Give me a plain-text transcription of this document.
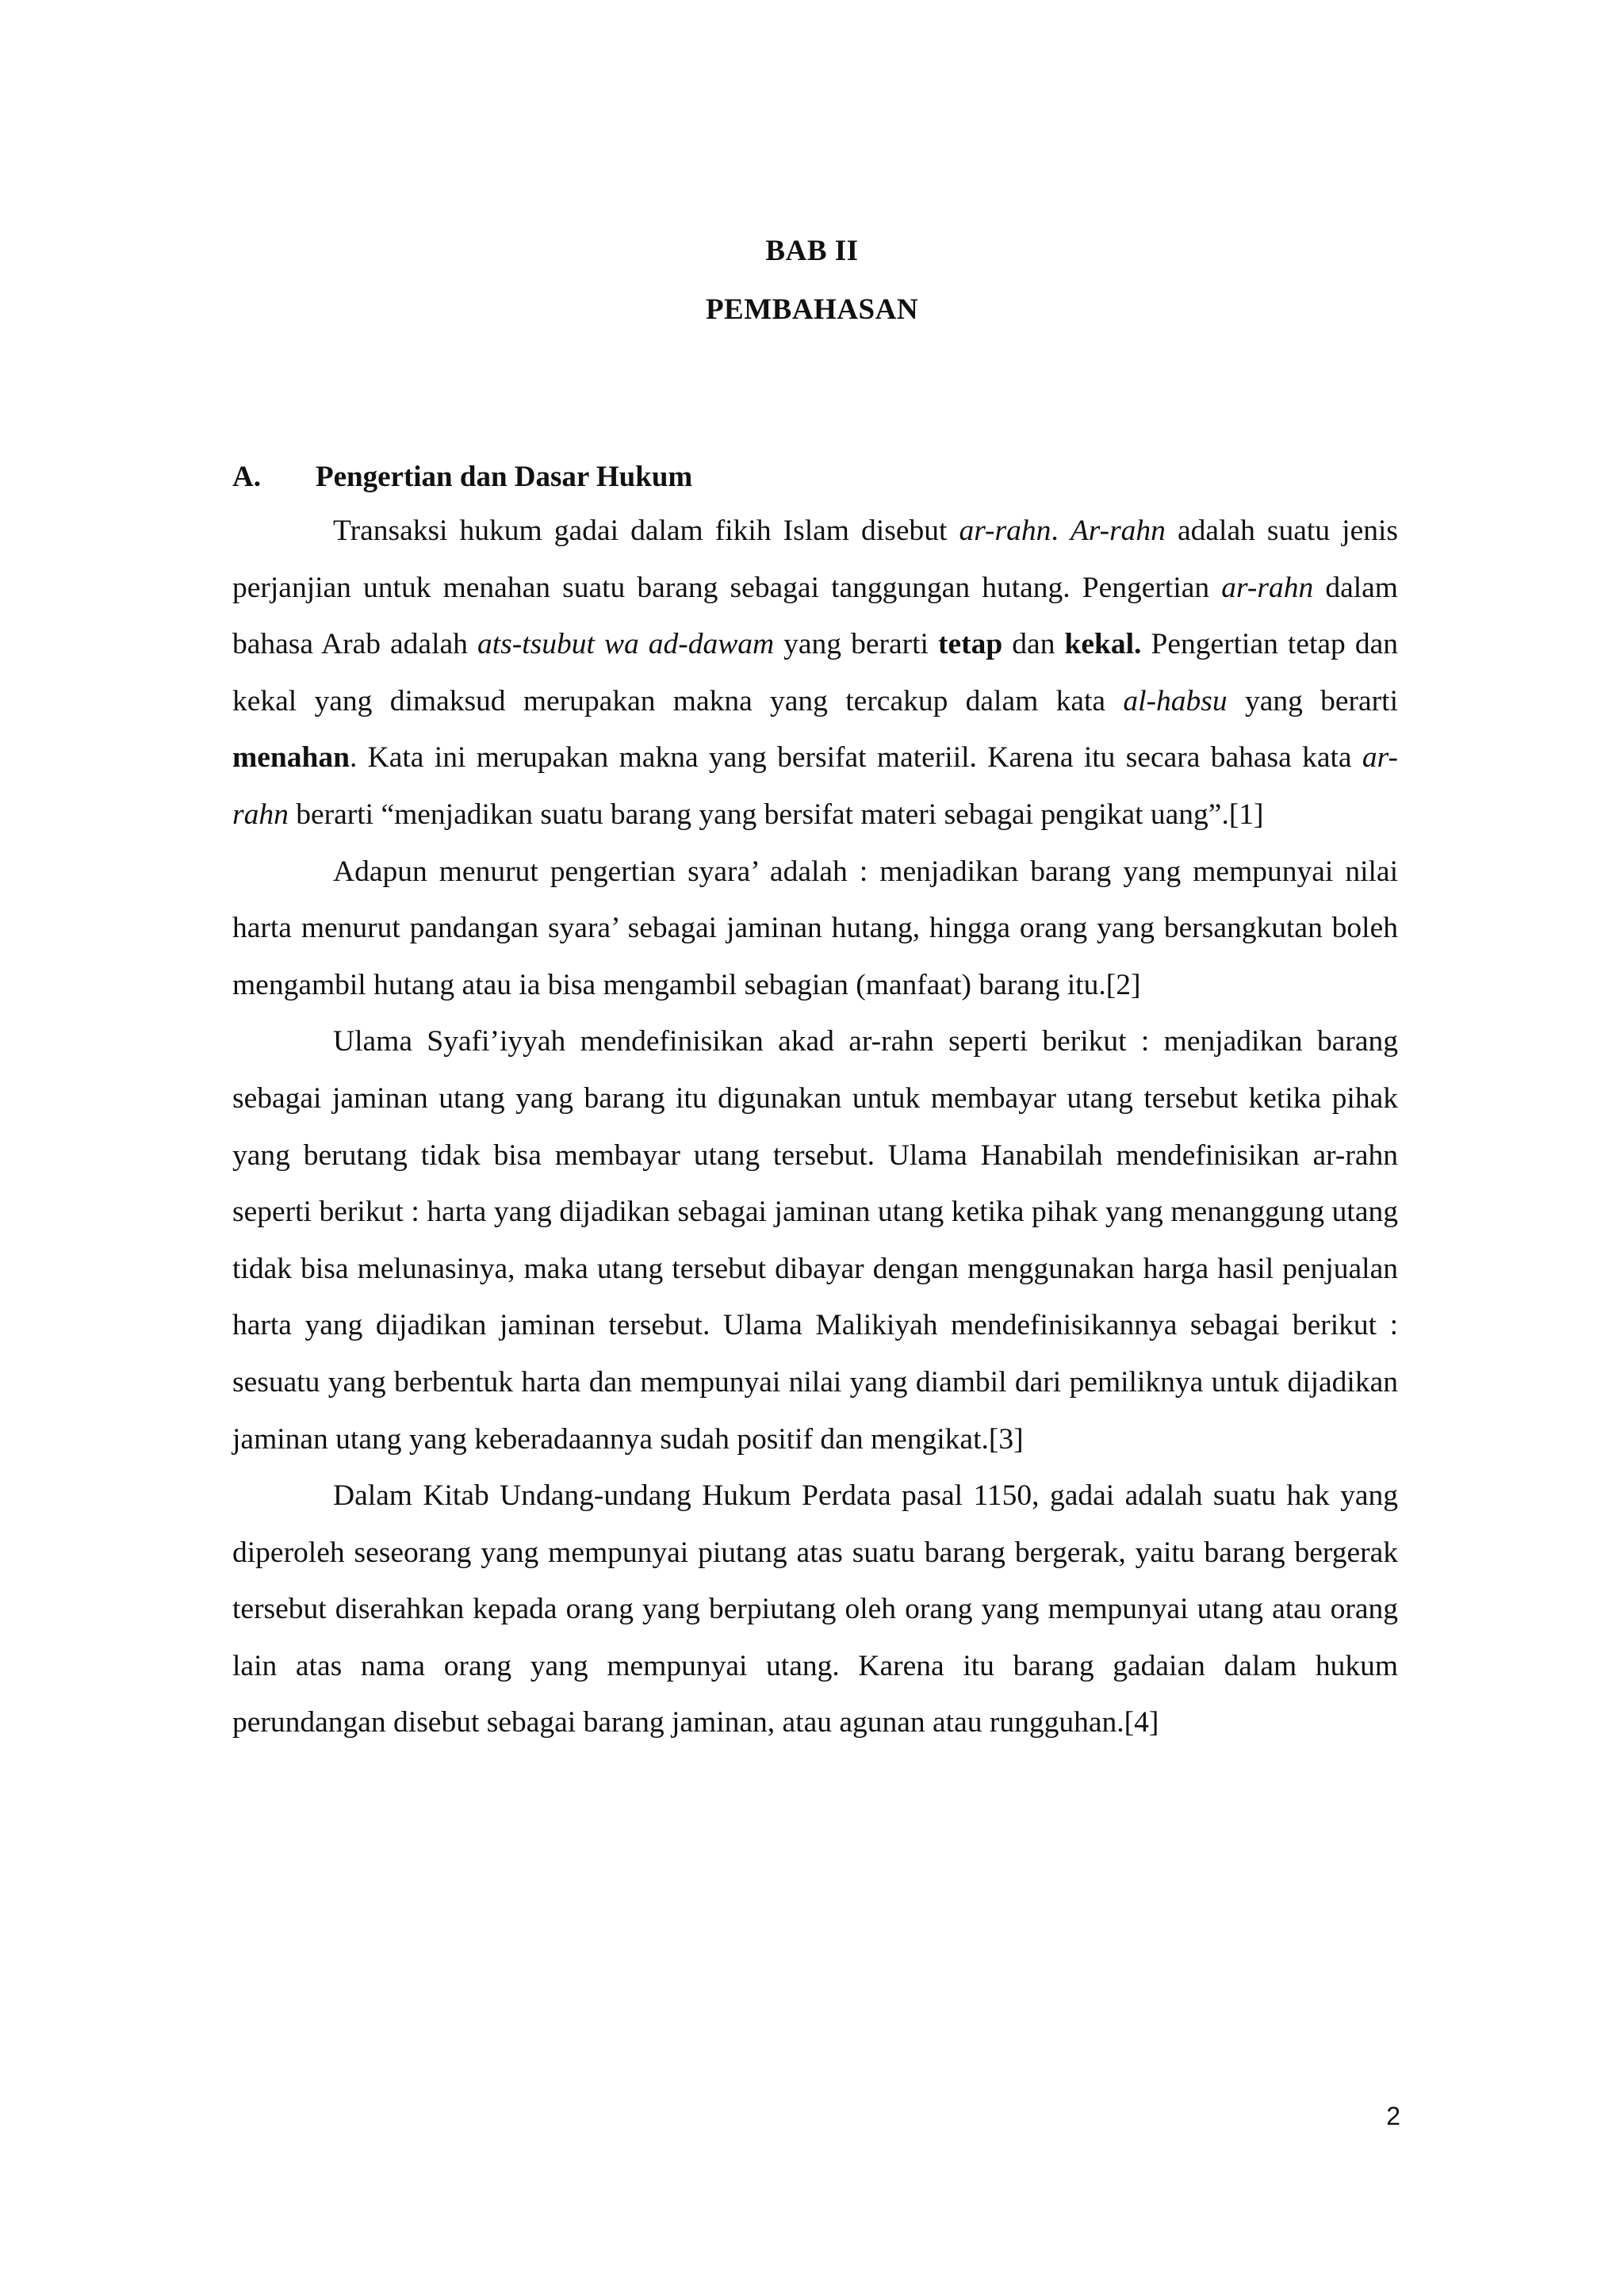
BAB II
PEMBAHASAN
A. Pengertian dan Dasar Hukum

Transaksi hukum gadai dalam fikih Islam disebut ar-rahn. Ar-rahn adalah suatu jenis perjanjian untuk menahan suatu barang sebagai tanggungan hutang. Pengertian ar-rahn dalam bahasa Arab adalah ats-tsubut wa ad-dawam yang berarti tetap dan kekal. Pengertian tetap dan kekal yang dimaksud merupakan makna yang tercakup dalam kata al-habsu yang berarti menahan. Kata ini merupakan makna yang bersifat materiil. Karena itu secara bahasa kata ar-rahn berarti “menjadikan suatu barang yang bersifat materi sebagai pengikat uang”.[1]

Adapun menurut pengertian syara’ adalah : menjadikan barang yang mempunyai nilai harta menurut pandangan syara’ sebagai jaminan hutang, hingga orang yang bersangkutan boleh mengambil hutang atau ia bisa mengambil sebagian (manfaat) barang itu.[2]

Ulama Syafi’iyyah mendefinisikan akad ar-rahn seperti berikut : menjadikan barang sebagai jaminan utang yang barang itu digunakan untuk membayar utang tersebut ketika pihak yang berutang tidak bisa membayar utang tersebut. Ulama Hanabilah mendefinisikan ar-rahn seperti berikut : harta yang dijadikan sebagai jaminan utang ketika pihak yang menanggung utang tidak bisa melunasinya, maka utang tersebut dibayar dengan menggunakan harga hasil penjualan harta yang dijadikan jaminan tersebut. Ulama Malikiyah mendefinisikannya sebagai berikut : sesuatu yang berbentuk harta dan mempunyai nilai yang diambil dari pemiliknya untuk dijadikan jaminan utang yang keberadaannya sudah positif dan mengikat.[3]

Dalam Kitab Undang-undang Hukum Perdata pasal 1150, gadai adalah suatu hak yang diperoleh seseorang yang mempunyai piutang atas suatu barang bergerak, yaitu barang bergerak tersebut diserahkan kepada orang yang berpiutang oleh orang yang mempunyai utang atau orang lain atas nama orang yang mempunyai utang. Karena itu barang gadaian dalam hukum perundangan disebut sebagai barang jaminan, atau agunan atau rungguhan.[4]

2
